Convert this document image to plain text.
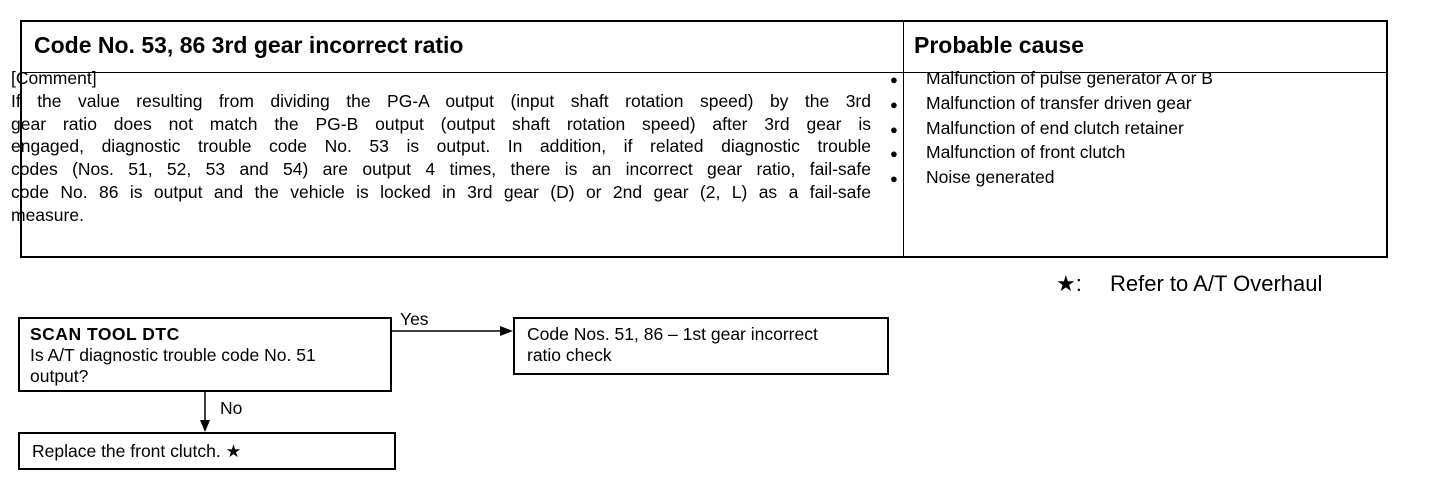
Code No. 53, 86 3rd gear incorrect ratio	Probable cause
[Comment]
If the value resulting from dividing the PG-A output (input shaft rotation speed) by the 3rd
gear ratio does not match the PG-B output (output shaft rotation speed) after 3rd gear is
engaged, diagnostic trouble code No. 53 is output. In addition, if related diagnostic trouble
codes (Nos. 51, 52, 53 and 54) are output 4 times, there is an incorrect gear ratio, fail-safe
code No. 86 is output and the vehicle is locked in 3rd gear (D) or 2nd gear (2, L) as a fail-safe
measure.
●	Malfunction of pulse generator A or B
●	Malfunction of transfer driven gear
●	Malfunction of end clutch retainer
●	Malfunction of front clutch
●	Noise generated
★: Refer to A/T Overhaul
SCAN TOOL DTC
Is A/T diagnostic trouble code No. 51
output?
Yes
Code Nos. 51, 86 – 1st gear incorrect
ratio check
No
Replace the front clutch. ★
